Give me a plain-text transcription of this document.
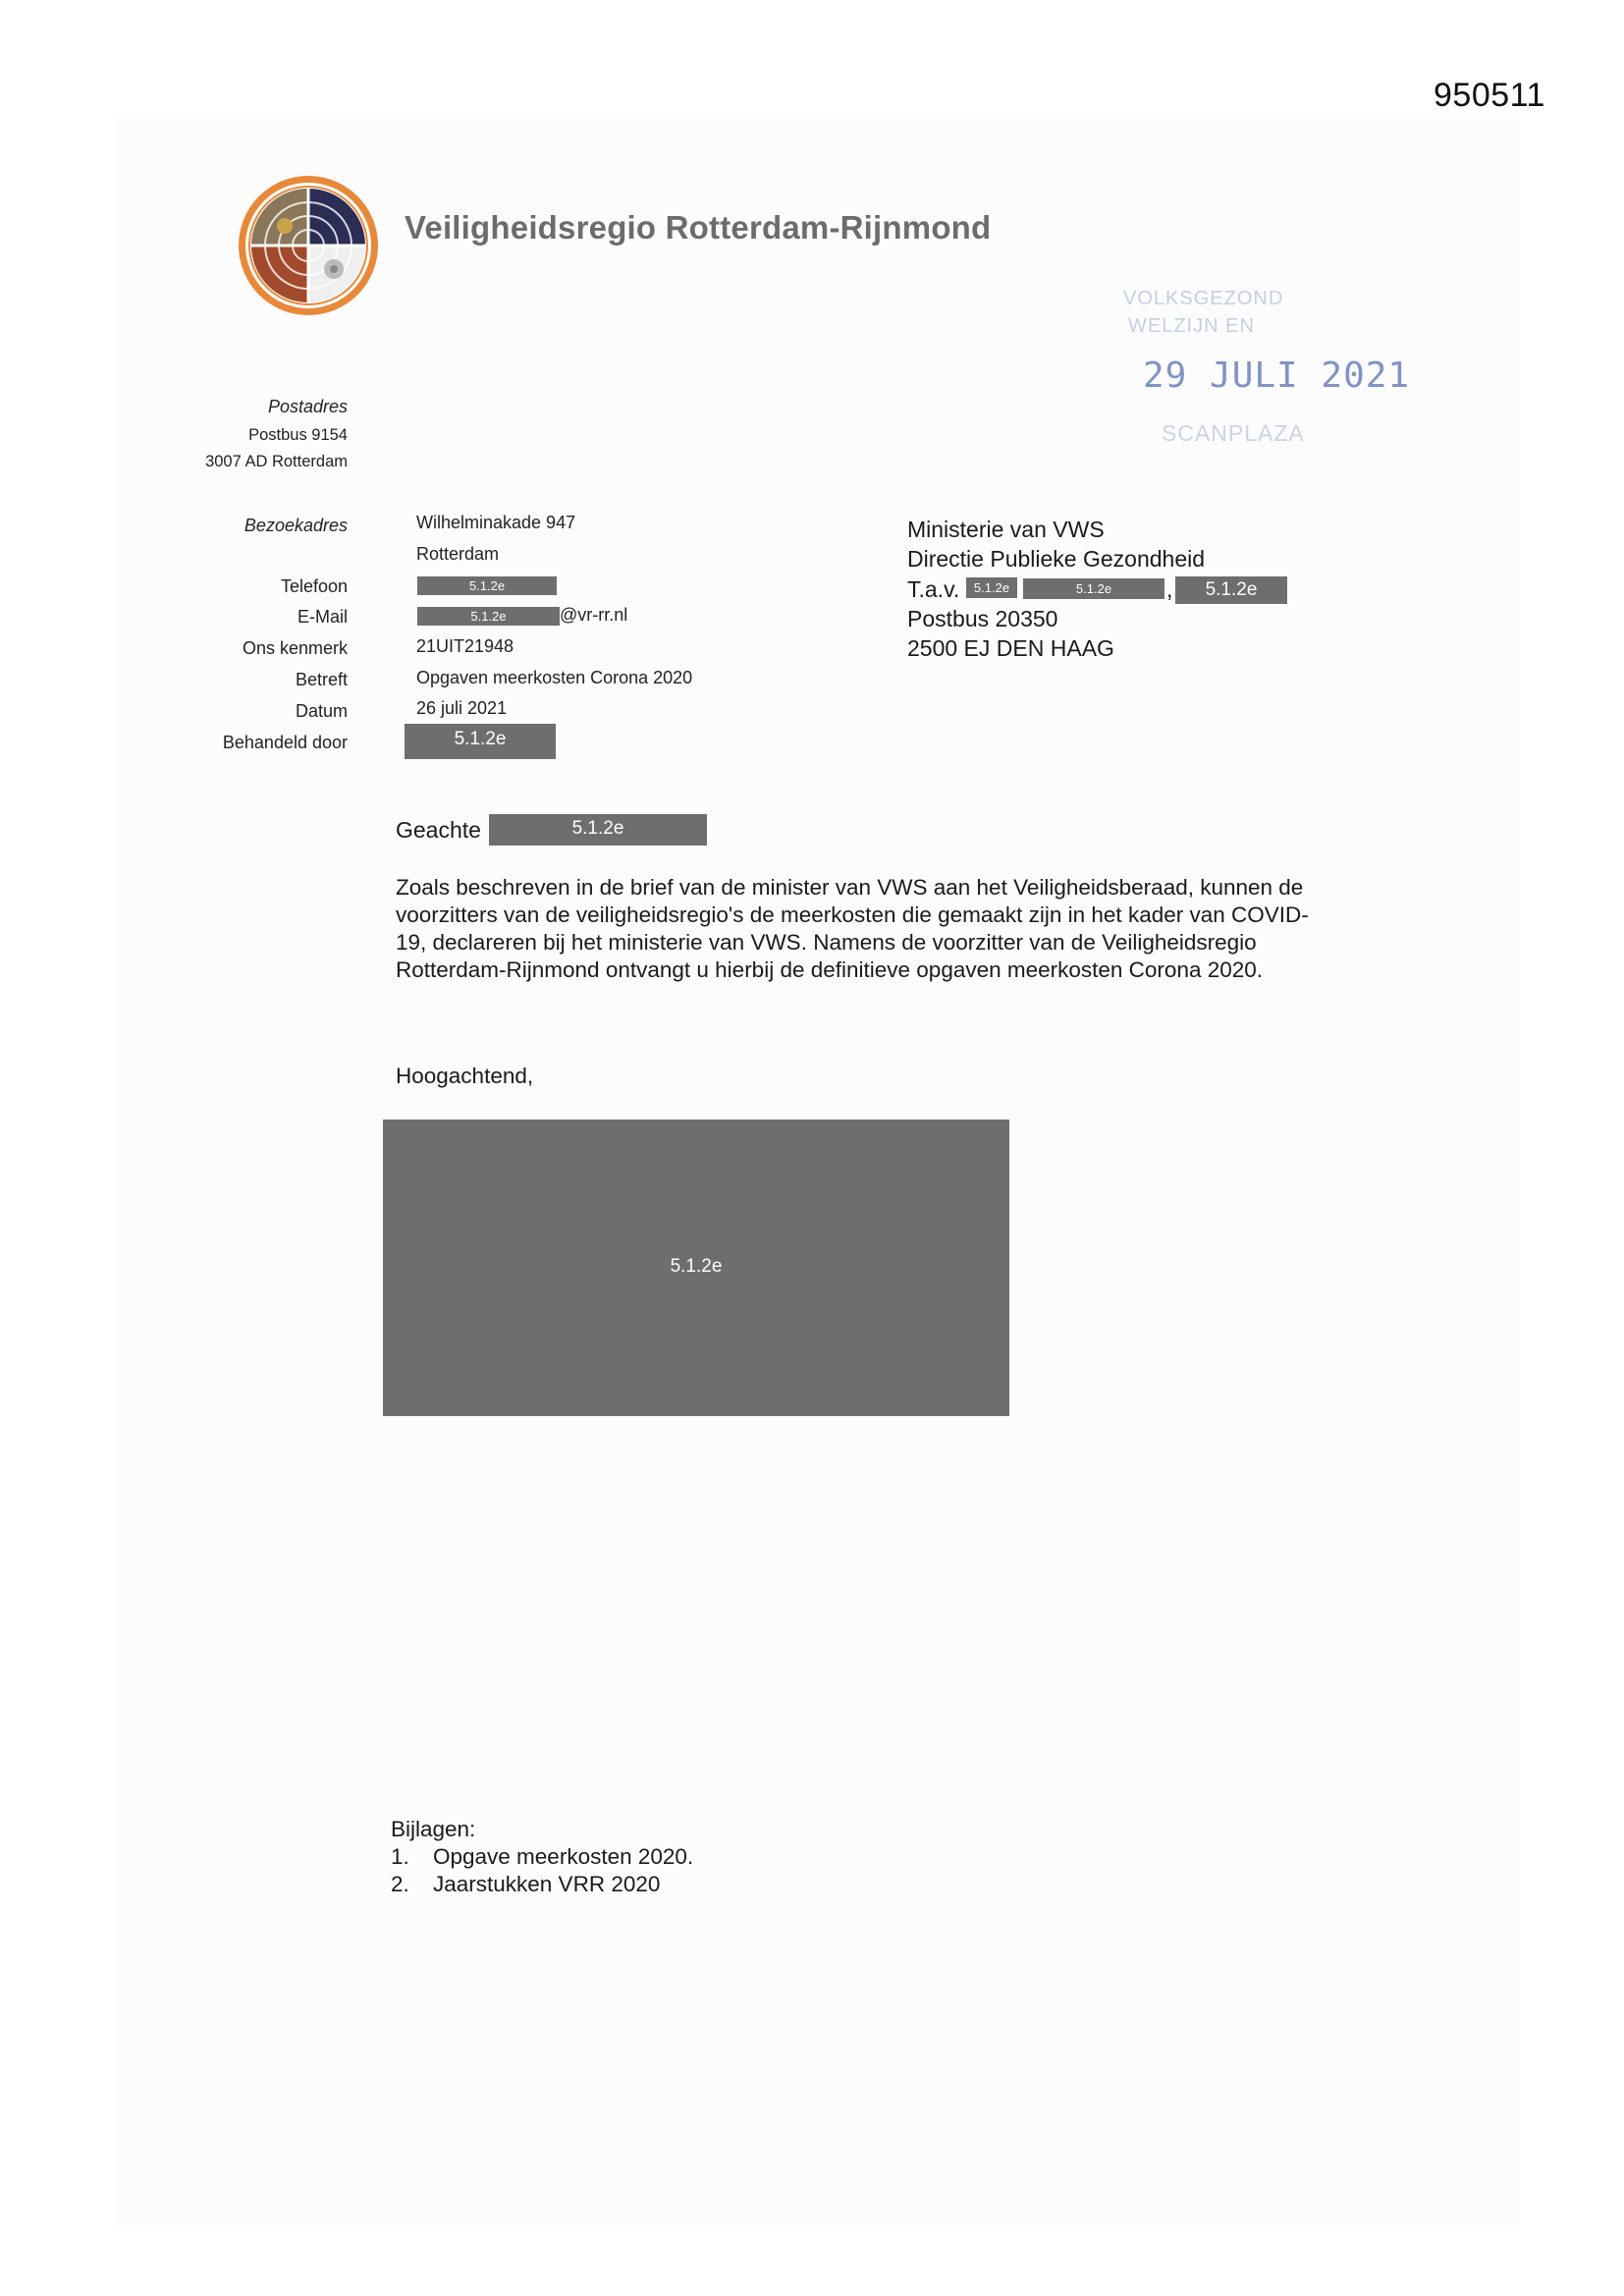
950511
Veiligheidsregio Rotterdam-Rijnmond
VOLKSGEZOND
WELZIJN EN
29 JULI 2021
SCANPLAZA
Postadres
Postbus 9154
3007 AD Rotterdam
Bezoekadres	Wilhelminakade 947
Rotterdam
Telefoon	5.1.2e
E-Mail	5.1.2e	@vr-rr.nl
Ons kenmerk	21UIT21948
Betreft	Opgaven meerkosten Corona 2020
Datum	26 juli 2021
Behandeld door	5.1.2e
Ministerie van VWS
Directie Publieke Gezondheid
T.a.v.	5.1.2e	5.1.2e	,	5.1.2e
Postbus 20350
2500 EJ DEN HAAG
Geachte	5.1.2e
Zoals beschreven in de brief van de minister van VWS aan het Veiligheidsberaad, kunnen de
voorzitters van de veiligheidsregio's de meerkosten die gemaakt zijn in het kader van COVID-
19, declareren bij het ministerie van VWS. Namens de voorzitter van de Veiligheidsregio
Rotterdam-Rijnmond ontvangt u hierbij de definitieve opgaven meerkosten Corona 2020.
Hoogachtend,
5.1.2e
Bijlagen:
1. Opgave meerkosten 2020.
2. Jaarstukken VRR 2020
